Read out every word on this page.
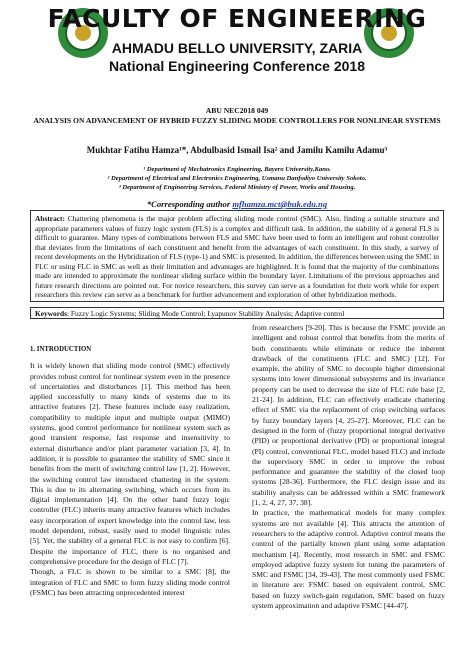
FACULTY OF ENGINEERING
AHMADU BELLO UNIVERSITY, ZARIA
National Engineering Conference 2018
ABU NEC2018 049
ANALYSIS ON ADVANCEMENT OF HYBRID FUZZY SLIDING MODE CONTROLLERS FOR NONLINEAR SYSTEMS
Mukhtar Fatihu Hamza¹*, Abdulbasid Ismail Isa² and Jamilu Kamilu Adamu³
¹ Department of Mechatronics Engineering, Bayero University,Kano.
² Department of Electrical and Electronics Engineering, Usmanu Danfodiyo University Sokoto.
³ Department of Engineering Services, Federal Ministry of Power, Works and Housing.
*Corresponding author mfhamza.mct@buk.edu.ng
Abstract: Chattering phenomena is the major problem affecting sliding mode control (SMC). Also, finding a suitable structure and appropriate parameters values of fuzzy logic system (FLS) is a complex and difficult task. In addition, the stability of a general FLS is difficult to guarantee. Many types of combinations between FLS and SMC have been used to form an intelligent and robust controller that deviates from the limitations of each constituent and benefit from the advantages of each constituent. In this study, a survey of recent developments on the Hybridization of FLS (type-1) and SMC is presented. In addition, the differences between using the SMC in FLC or using FLC in SMC as well as their limitation and advantages are highlighted. It is found that the majority of the combinations made are intended to approximate the nonlinear sliding surface within the boundary layer. Limitations of the previous approaches and future research directions are pointed out. For novice researchers, this survey can serve as a foundation for their work while for expert researchers this review can serve as a benchmark for further advancement and exploration of other hybridization methods.
Keywords: Fuzzy Logic Systems; Sliding Mode Control; Lyapunov Stability Analysis; Adaptive control
1. INTRODUCTION

It is widely known that sliding mode control (SMC) effectively provides robust control for nonlinear system even in the presence of uncertainties and disturbances [1]. This method has been applied successfully to many kinds of systems due to its attractive features [2]. These features include easy realization, compatibility to multiple input and multiple output (MIMO) systems, good control performance for nonlinear system such as good transient response, fast response and insensitivity to external disturbance and/or plant parameter variation [3, 4]. In addition, it is possible to guarantee the stability of SMC since it benefits from the merit of switching control law [1, 2]. However, the switching control law introduced chattering in the system. This is due to its alternating switching, which occurs from its digital implementation [4]. On the other hand fuzzy logic controller (FLC) inherits many attractive features which includes easy incorporation of expert knowledge into the control law, less model dependent, robust, easily used to model linguistic rules [5]. Yet, the stability of a general FLC is not easy to confirm [6]. Despite the importance of FLC, there is no organised and comprehensive procedure for the design of FLC [7].

Though, a FLC is shown to be similar to a SMC [8], the integration of FLC and SMC to form fuzzy sliding mode control (FSMC) has been attracting unprecedented interest

from researchers [9-20]. This is because the FSMC provide an intelligent and robust control that benefits from the merits of both constituents while eliminate or reduce the inherent drawback of the constituents (FLC and SMC) [12]. For example, the ability of SMC to decouple higher dimensional systems into lower dimensional subsystems and its invariance property can be used to decrease the size of FLC rule base [2, 21-24]. In addition, FLC can effectively eradicate chattering effect of SMC via the replacement of crisp switching surfaces by fuzzy boundary layers [4, 25-27]. Moreover, FLC can be designed in the form of (fuzzy proportional integral derivative (PID) or proportional derivative (PD) or proportional integral (PI) control, conventional FLC, model based FLC) and include the supervisory SMC in order to improve the robust performance and guarantee the stability of the closed loop systems [28-36]. Furthermore, the FLC design issue and its stability analysis can be addressed within a SMC framework [1, 2, 4, 27, 37, 38].

In practice, the mathematical models for many complex systems are not available [4]. This attracts the attention of researchers to the adaptive control. Adaptive control means the control of the partially known plant using some adaptation mechanism [4]. Recently, most research in SMC and FSMC employed adaptive fuzzy system for tuning the parameters of SMC and FSMC [34, 39-43]. The most commonly used FSMC in literature are: FSMC based on equivalent control, SMC based on fuzzy switch-gain regulation, SMC based on fuzzy system approximation and adaptive FSMC [44-47].
